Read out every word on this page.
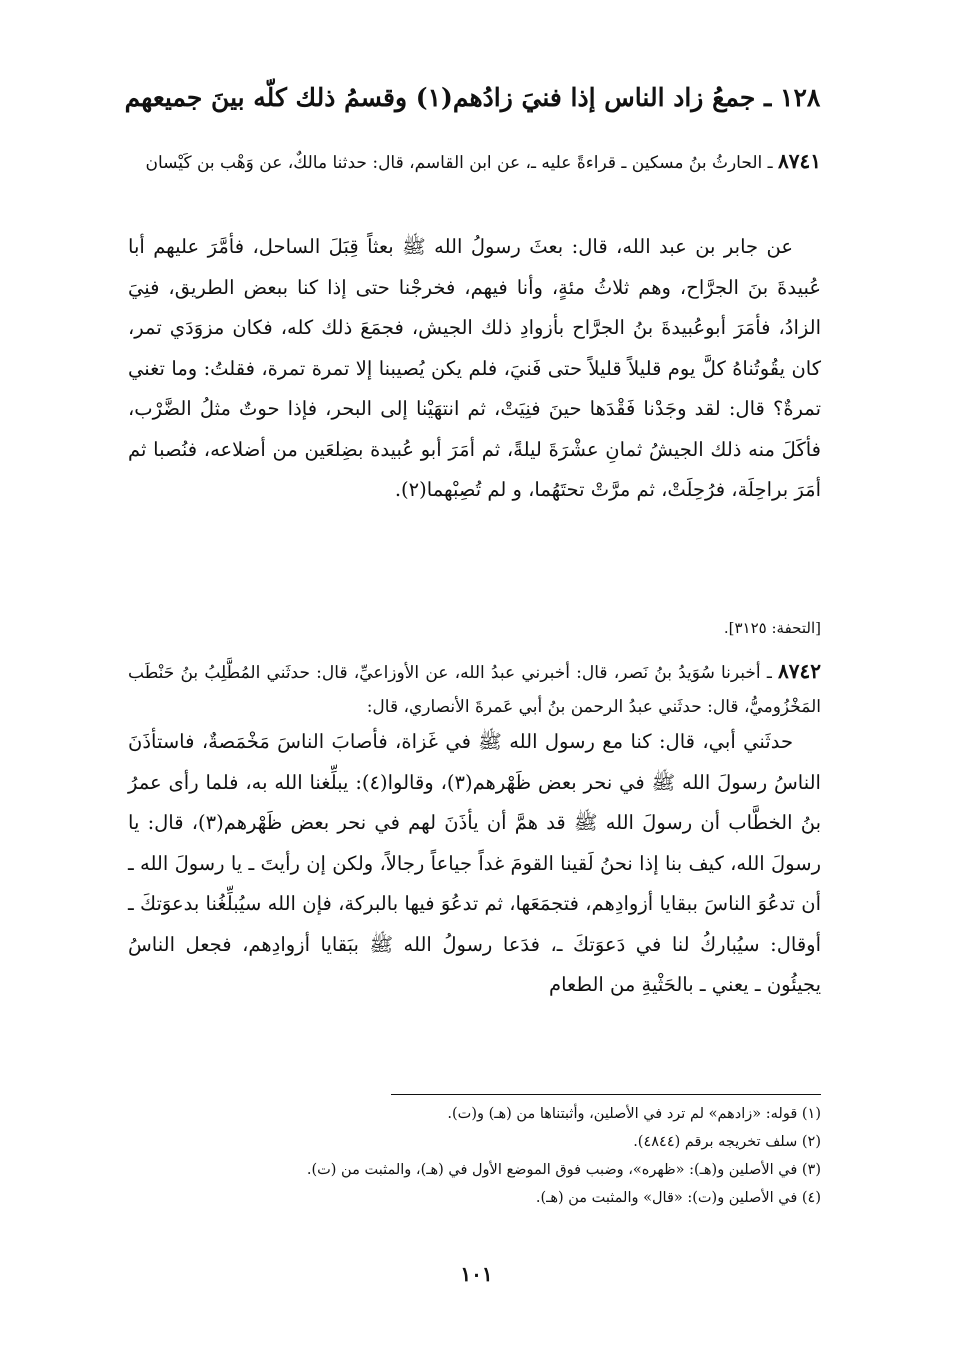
١٢٨ ـ جمعُ زاد الناس إذا فنيَ زادُهم(١) وقسمُ ذلك كلّه بينَ جميعهم
٨٧٤١ ـ الحارثُ بنُ مسكين ـ قراءةً عليه ـ، عن ابن القاسم، قال: حدثنا مالكٌ، عن وَهْب بن كَيْسان
عن جابر بن عبد الله، قال: بعثَ رسولُ الله ﷺ بعثاً قِبَلَ الساحل، فأمَّرَ عليهم أبا عُبيدةَ بنَ الجرَّاح، وهم ثلاثُ مئةٍ، وأنا فيهم، فخرجْنا حتى إذا كنا ببعض الطريق، فنِيَ الزادُ، فأمَرَ أبوعُبيدةَ بنُ الجرَّاح بأزوادِ ذلك الجيش، فجمَعَ ذلك كله، فكان مزوَدَي تمر، كان يقُوتُناهُ كلَّ يوم قليلاً قليلاً حتى فَنيَ، فلم يكن يُصيبنا إلا تمرة تمرة، فقلتُ: وما تغني تمرةٌ؟ قال: لقد وجَدْنا فَقْدَها حينَ فنِيَتْ، ثم انتهَيْنا إلى البحر، فإذا حوتٌ مثلُ الضَّرْب، فأكَلَ منه ذلك الجيشُ ثمانِ عشْرَةَ ليلةً، ثم أمَرَ أبو عُبيدة بضِلعَين من أضلاعه، فنُصبا ثم أمَرَ براحِلَة، فرُحِلَتْ، ثم مرَّتْ تحتَهُما، و لم تُصِبْهما(٢).
[التحفة: ٣١٢٥].
٨٧٤٢ ـ أخبرنا سُوَيدُ بنُ نَصر، قال: أخبرني عبدُ الله، عن الأوزاعيِّ، قال: حدثَني المُطَّلِبُ بنُ حَنْطَب المَخْزُوميُّ، قال: حدثَني عبدُ الرحمن بنُ أبي عَمرةَ الأنصاري، قال:
حدثَني أبي، قال: كنا مع رسول الله ﷺ في غَزاة، فأصابَ الناسَ مَخْمَصةٌ، فاستأذَنَ الناسُ رسولَ الله ﷺ في نحر بعض ظَهْرهم(٣)، وقالوا(٤): يبلِّغنا الله به، فلما رأى عمرُ بنُ الخطَّاب أن رسولَ الله ﷺ قد همَّ أن يأذَنَ لهم في نحر بعض ظَهْرهم(٣)، قال: يا رسولَ الله، كيف بنا إذا نحنُ لَقينا القومَ غداً جياعاً رجالاً، ولكن إن رأيتَ ـ يا رسولَ الله ـ أن تدعُوَ الناسَ ببقايا أزوادِهم، فتجمَعَها، ثم تدعُوَ فيها بالبركة، فإن الله سيُبلِّغُنا بدعوَتكَ ـ أوقال: سيُباركُ لنا في دَعوَتكَ ـ، فدَعا رسولُ الله ﷺ ببَقايا أزوادِهم، فجعل الناسُ يجيئُون ـ يعني ـ بالحَثْيةِ من الطعام
(١) قوله: «زادهم» لم ترد في الأصلين، وأثبتناها من (هـ) و(ت).
(٢) سلف تخريجه برقم (٤٨٤٤).
(٣) في الأصلين و(هـ): «ظهره»، وضبب فوق الموضع الأول في (هـ)، والمثبت من (ت).
(٤) في الأصلين و(ت): «قال» والمثبت من (هـ).
١٠١
